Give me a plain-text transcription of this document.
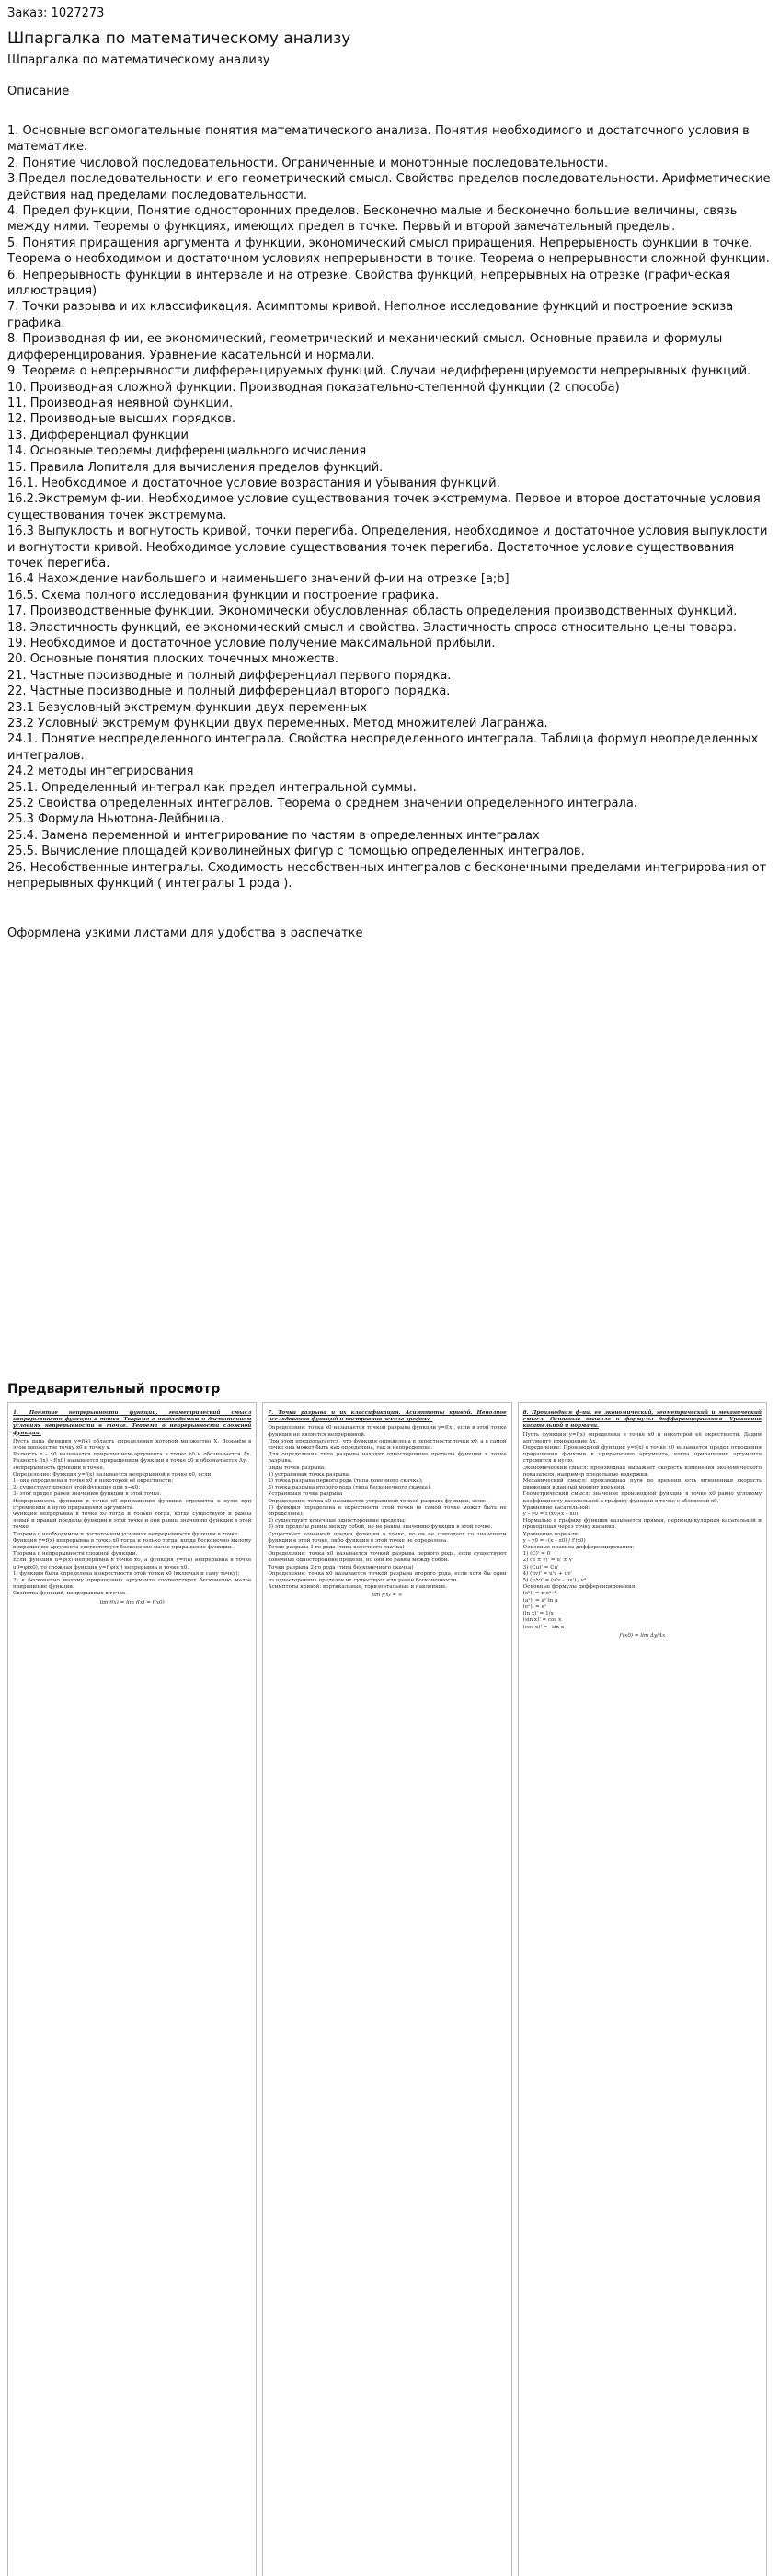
Заказ: 1027273

Шпаргалка по математическому анализу

Шпаргалка по математическому анализу

Описание

1. Основные вспомогательные понятия математического анализа. Понятия необходимого и достаточного условия в математике.
2. Понятие числовой последовательности. Ограниченные и монотонные последовательности.
3.Предел последовательности и его геометрический смысл. Свойства пределов последовательности. Арифметические действия над пределами последовательности.
4. Предел функции, Понятие односторонних пределов. Бесконечно малые и бесконечно большие величины, связь между ними. Теоремы о функциях, имеющих предел в точке. Первый и второй замечательный пределы.
5. Понятия приращения аргумента и функции, экономический смысл приращения. Непрерывность функции в точке. Теорема о необходимом и достаточном условиях непрерывности в точке. Теорема о непрерывности сложной функции.
6. Непрерывность функции в интервале и на отрезке. Свойства функций, непрерывных на отрезке (графическая иллюстрация)
7. Точки разрыва и их классификация. Асимптомы кривой. Неполное исследование функций и построение эскиза графика.
8. Производная ф-ии, ее экономический, геометрический и механический смысл. Основные правила и формулы дифференцирования. Уравнение касательной и нормали.
9. Теорема о непрерывности дифференцируемых функций. Случаи недифференцируемости непрерывных функций.
10. Производная сложной функции. Производная показательно-степенной функции (2 способа)
11. Производная неявной функции.
12. Производные высших порядков.
13. Дифференциал функции
14. Основные теоремы дифференциального исчисления
15. Правила Лопиталя для вычисления пределов функций.
16.1. Необходимое и достаточное условие возрастания и убывания функций.
16.2.Экстремум ф-ии. Необходимое условие существования точек экстремума. Первое и второе достаточные условия существования точек экстремума.
16.3 Выпуклость и вогнутость кривой, точки перегиба. Определения, необходимое и достаточное условия выпуклости и вогнутости кривой. Необходимое условие существования точек перегиба. Достаточное условие существования точек перегиба.
16.4 Нахождение наибольшего и наименьшего значений ф-ии на отрезке [a;b]
16.5. Схема полного исследования функции и построение графика.
17. Производственные функции. Экономически обусловленная область определения производственных функций.
18. Эластичность функций, ее экономический смысл и свойства. Эластичность спроса относительно цены товара.
19. Необходимое и достаточное условие получение максимальной прибыли.
20. Основные понятия плоских точечных множеств.
21. Частные производные и полный дифференциал первого порядка.
22. Частные производные и полный дифференциал второго порядка.
23.1 Безусловный экстремум функции двух переменных
23.2 Условный экстремум функции двух переменных. Метод множителей Лагранжа.
24.1. Понятие неопределенного интеграла. Свойства неопределенного интеграла. Таблица формул неопределенных интегралов.
24.2 методы интегрирования
25.1. Определенный интеграл как предел интегральной суммы.
25.2 Свойства определенных интегралов. Теорема о среднем значении определенного интеграла.
25.3 Формула Ньютона-Лейбница.
25.4. Замена переменной и интегрирование по частям в определенных интегралах
25.5. Вычисление площадей криволинейных фигур с помощью определенных интегралов.
26. Несобственные интегралы. Сходимость несобственных интегралов с бесконечными пределами интегрирования от непрерывных функций ( интегралы 1 рода ).

Оформлена узкими листами для удобства в распечатке

Предварительный просмотр
1. Понятие непрерывности функции, геометрический смысл непрерывности функции в точке. Теорема о необходимом и достаточном условиях непрерывности в точке. Теорема о непрерывности сложной функции.
Пусть дана функция y=f(x) область определения которой множество X. Возьмём в этом множестве точку х0 и точку х.
Разность х – х0 называется приращением аргумента в точке х0 и обозначается Δх. Разность f(x) – f(x0) называется приращением функции в точке х0 и обозначается Δу.
Непрерывность функции в точке.
Определение: Функция y=f(x) называется непрерывной в точке х0, если:
1) она определена в точке х0 и некоторой её окрестности;
2) существует предел этой функции при х→х0;
3) этот предел равен значению функции в этой точке.
Непрерывность функции в точке х0 приращение функции стремится к нулю при стремлении к нулю приращения аргумента.
Функция непрерывна в точке х0 тогда и только тогда, когда существуют и равны левый и правый пределы функции в этой точке и они равны значению функции в этой точке.
Теорема о необходимом и достаточном условиях непрерывности функции в точке.
Функция y=f(x) непрерывна в точке х0 тогда и только тогда, когда бесконечно малому приращению аргумента соответствует бесконечно малое приращение функции.
Теорема о непрерывности сложной функции.
Если функция u=φ(x) непрерывна в точке х0, а функция y=f(u) непрерывна в точке u0=φ(x0), то сложная функция y=f(φ(x)) непрерывна в точке х0.
1) функция была определена в окрестности этой точки х0 (включая и саму точку);
2) в бесконечно малому приращению аргумента соответствует бесконечно малое приращение функции.
Свойства функций, непрерывных в точке.
lim f(x) = lim f(x) = f(x0)
7. Точки разрыва и их классификация. Асимптоты кривой. Неполное исследование функций и построение эскиза графика.
Определение: точка х0 называется точкой разрыва функции y=f(x), если в этой точке функция не является непрерывной.
При этом предполагается, что функция определена в окрестности точки х0, а в самой точке она может быть как определена, так и неопределена.
Для определения типа разрыва находят односторонние пределы функции в точке разрыва.
Виды точек разрыва:
1) устранимая точка разрыва;
2) точка разрыва первого рода (типа конечного скачка);
3) точка разрыва второго рода (типа бесконечного скачка).
Устранимая точка разрыва
Определение: точка х0 называется устранимой точкой разрыва функции, если:
1) функция определена в окрестности этой точки (в самой точке может быть не определена);
2) существуют конечные односторонние пределы;
3) эти пределы равны между собой, но не равны значению функции в этой точке.
Существует конечный предел функции в точке, но он не совпадает со значением функции в этой точке, либо функция в этой точке не определена.
Точки разрыва 1-го рода (типа конечного скачка)
Определение: точка х0 называется точкой разрыва первого рода, если существуют конечные односторонние пределы, но они не равны между собой.
Точки разрыва 2-го рода (типа бесконечного скачка)
Определение: точка х0 называется точкой разрыва второго рода, если хотя бы один из односторонних пределов не существует или равен бесконечности.
Асимптоты кривой: вертикальные, горизонтальные и наклонные.
lim f(x) = ∞
8. Производная ф-ии, ее экономический, геометрический и механический смысл. Основные правила и формулы дифференцирования. Уравнение касательной и нормали.
Пусть функция y=f(x) определена в точке х0 и некоторой её окрестности. Дадим аргументу приращение Δх.
Определение: Производной функции y=f(x) в точке х0 называется предел отношения приращения функции к приращению аргумента, когда приращение аргумента стремится к нулю.
Экономический смысл: производная выражает скорость изменения экономического показателя, например предельные издержки.
Механический смысл: производная пути по времени есть мгновенная скорость движения в данный момент времени.
Геометрический смысл: значение производной функции в точке х0 равно угловому коэффициенту касательной к графику функции в точке с абсциссой х0.
Уравнение касательной:
y – y0 = f'(x0)(x – x0)
Нормалью к графику функции называется прямая, перпендикулярная касательной и проходящая через точку касания.
Уравнение нормали:
y – y0 = –(x – x0) / f'(x0)
Основные правила дифференцирования:
1) (C)' = 0
2) (u ± v)' = u' ± v'
3) (Cu)' = Cu'
4) (uv)' = u'v + uv'
5) (u/v)' = (u'v – uv') / v²
Основные формулы дифференцирования:
(xⁿ)' = n·xⁿ⁻¹
(aˣ)' = aˣ·ln a
(eˣ)' = eˣ
(ln x)' = 1/x
(sin x)' = cos x
(cos x)' = –sin x
f'(x0) = lim Δy/Δx
